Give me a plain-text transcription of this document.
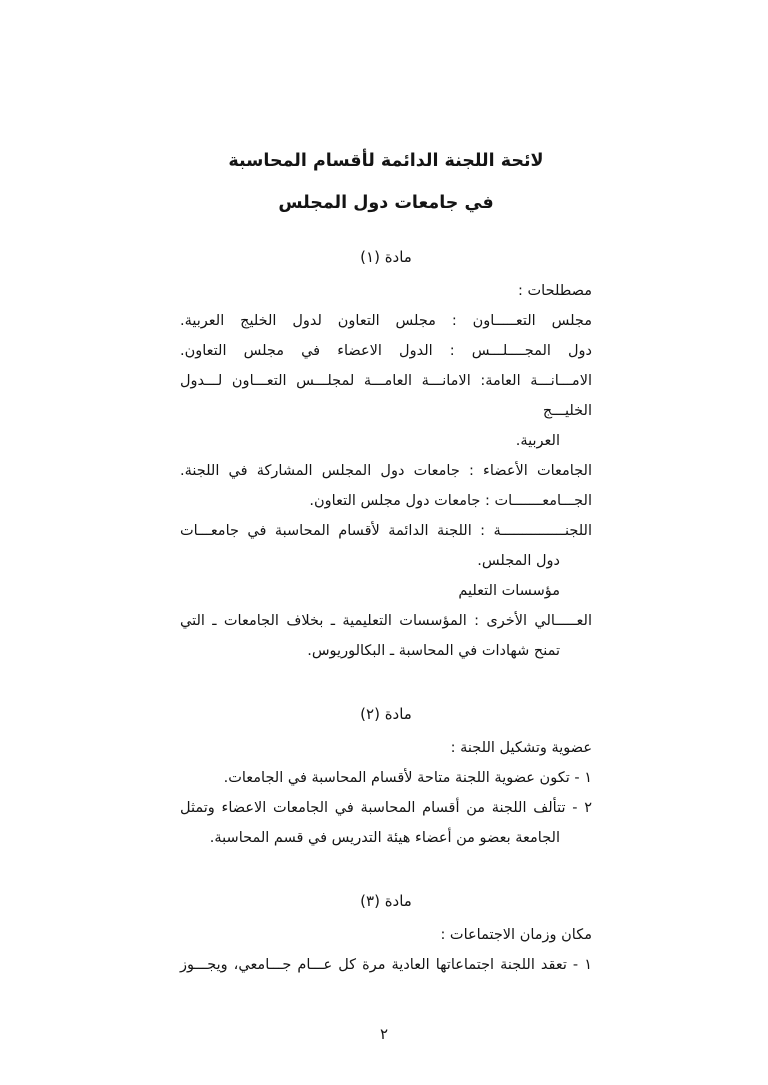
لائحة اللجنة الدائمة لأقسام المحاسبة
في جامعات دول المجلس
مادة (١)
مصطلحات :
مجلس التعـــــاون : مجلس التعاون لدول الخليج العربية.
دول المجــــلـــس : الدول الاعضاء في مجلس التعاون.
الامـــانـــة العامة: الامانـــة العامـــة لمجلـــس التعـــاون لـــدول الخليـــج
العربية.
الجامعات الأعضاء : جامعات دول المجلس المشاركة في اللجنة.
الجـــامعـــــــات : جامعات دول مجلس التعاون.
اللجنـــــــــــــــة : اللجنة الدائمة لأقسام المحاسبة في جامعـــات
دول المجلس.
مؤسسات التعليم
العـــــالي الأخرى : المؤسسات التعليمية ـ بخلاف الجامعات ـ التي
تمنح شهادات في المحاسبة ـ البكالوريوس.
مادة (٢)
عضوية وتشكيل اللجنة :
١ - تكون عضوية اللجنة متاحة لأقسام المحاسبة في الجامعات.
٢ - تتألف اللجنة من أقسام المحاسبة في الجامعات الاعضاء وتمثل
الجامعة بعضو من أعضاء هيئة التدريس في قسم المحاسبة.
مادة (٣)
مكان وزمان الاجتماعات :
١ - تعقد اللجنة اجتماعاتها العادية مرة كل عـــام جـــامعي، ويجـــوز
٢
